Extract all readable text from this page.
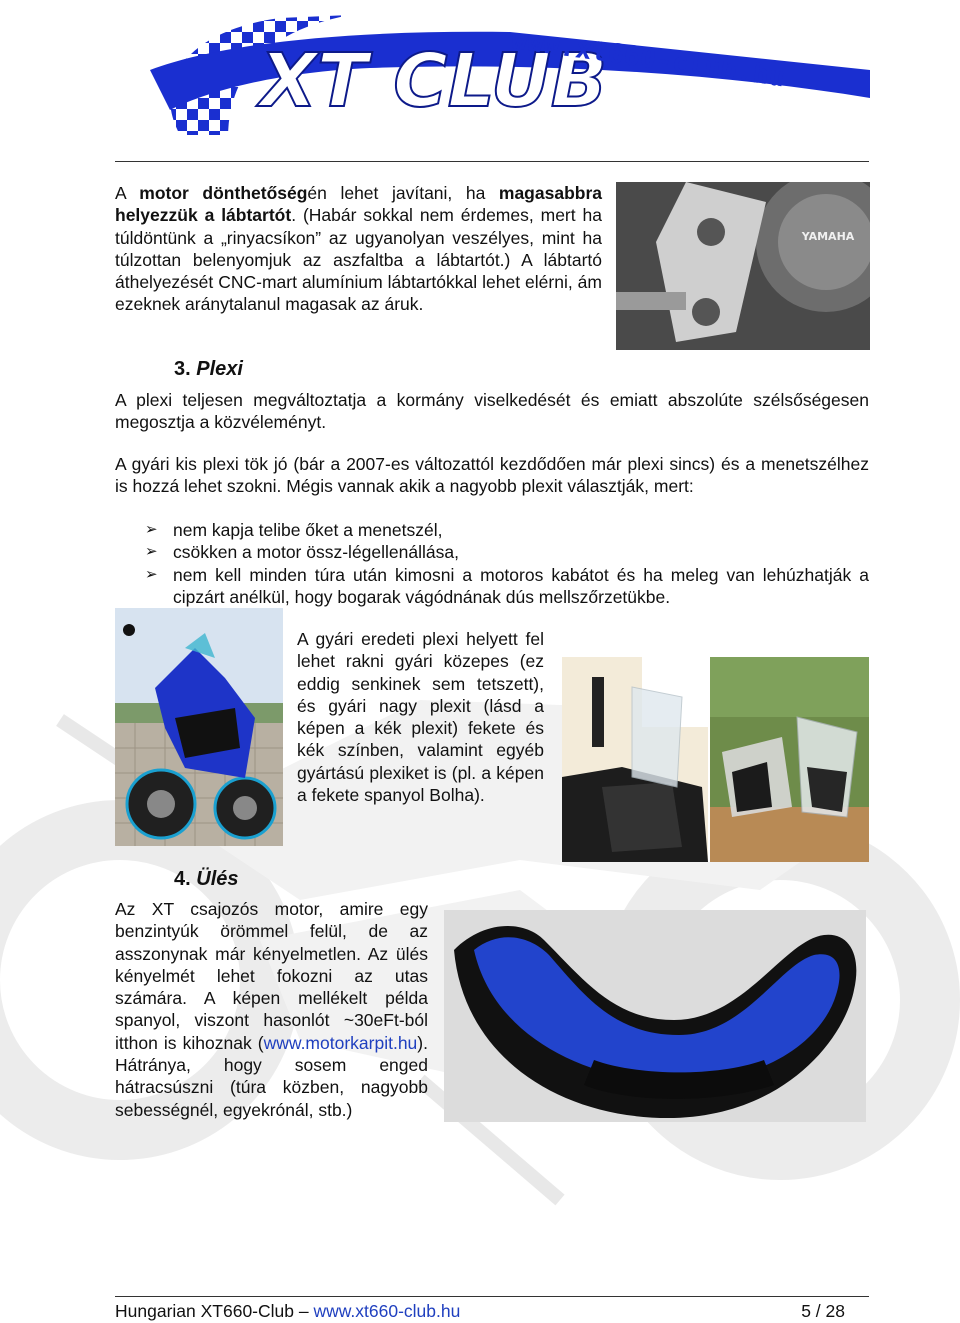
XT CLUB
www.xt660-club.hu

A motor dönthetőségén lehet javítani, ha magasabbra helyezzük a lábtartót. (Habár sokkal nem érdemes, mert ha túldöntünk a „rinyacsíkon” az ugyanolyan veszélyes, mint ha túlzottan belenyomjuk az aszfaltba a lábtartót.) A lábtartó áthelyezését CNC-mart alumínium lábtartókkal lehet elérni, ám ezeknek aránytalanul magasak az áruk.

YAMAHA
3. Plexi

A plexi teljesen megváltoztatja a kormány viselkedését és emiatt abszolúte szélsőségesen megosztja a közvéleményt.

A gyári kis plexi tök jó (bár a 2007-es változattól kezdődően már plexi sincs) és a menetszélhez is hozzá lehet szokni. Mégis vannak akik a nagyobb plexit választják, mert:

➢ nem kapja telibe őket a menetszél,
➢ csökken a motor össz-légellenállása,
➢ nem kell minden túra után kimosni a motoros kabátot és ha meleg van lehúzhatják a cipzárt anélkül, hogy bogarak vágódnának dús mellszőrzetükbe.

A gyári eredeti plexi helyett fel lehet rakni gyári közepes (ez eddig senkinek sem tetszett), és gyári nagy plexit (lásd a képen a kék plexit) fekete és kék színben, valamint egyéb gyártású plexiket is (pl. a képen a fekete spanyol Bolha).

4. Ülés

Az XT csajozós motor, amire egy benzintyúk örömmel felül, de az asszonynak már kényelmetlen. Az ülés kényelmét lehet fokozni az utas számára. A képen mellékelt példa spanyol, viszont hasonlót ~30eFt-ból itthon is kihoznak (www.motorkarpit.hu). Hátránya, hogy sosem enged hátracsúszni (túra közben, nagyobb sebességnél, egyekrónál, stb.)

Hungarian XT660-Club – www.xt660-club.hu	5 / 28
